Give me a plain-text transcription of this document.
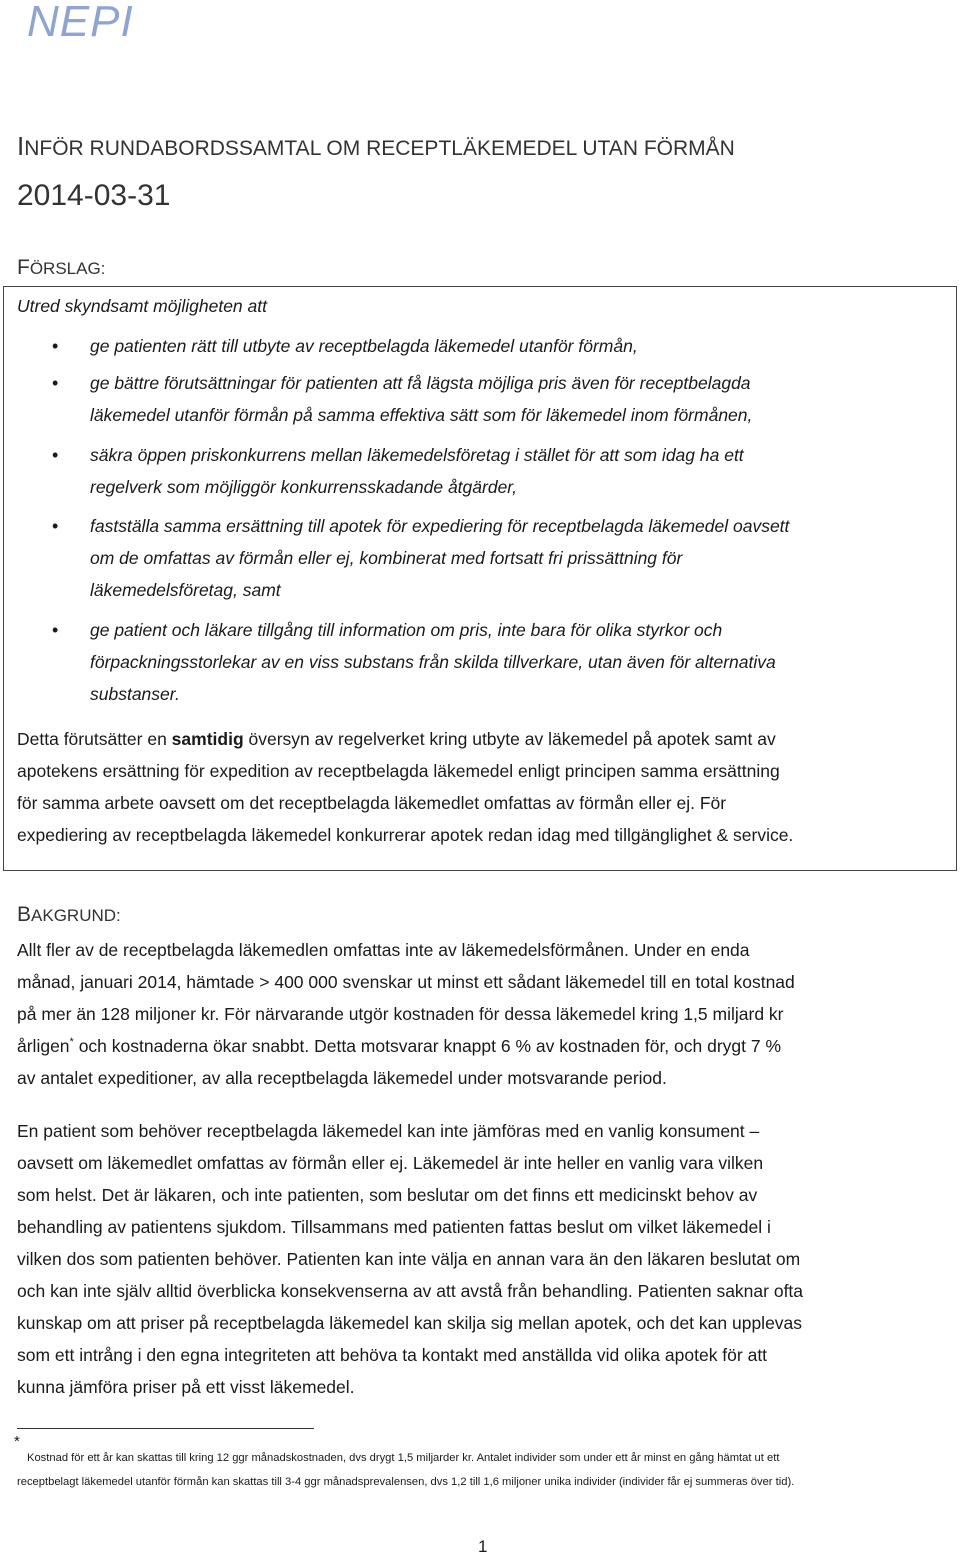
NEPI
INFÖR RUNDABORDSSAMTAL OM RECEPTLÄKEMEDEL UTAN FÖRMÅN
2014-03-31
FÖRSLAG:
Utred skyndsamt möjligheten att
• ge patienten rätt till utbyte av receptbelagda läkemedel utanför förmån,
• ge bättre förutsättningar för patienten att få lägsta möjliga pris även för receptbelagda
läkemedel utanför förmån på samma effektiva sätt som för läkemedel inom förmånen,
• säkra öppen priskonkurrens mellan läkemedelsföretag i stället för att som idag ha ett
regelverk som möjliggör konkurrensskadande åtgärder,
• fastställa samma ersättning till apotek för expediering för receptbelagda läkemedel oavsett
om de omfattas av förmån eller ej, kombinerat med fortsatt fri prissättning för
läkemedelsföretag, samt
• ge patient och läkare tillgång till information om pris, inte bara för olika styrkor och
förpackningsstorlekar av en viss substans från skilda tillverkare, utan även för alternativa
substanser.
Detta förutsätter en samtidig översyn av regelverket kring utbyte av läkemedel på apotek samt av
apotekens ersättning för expedition av receptbelagda läkemedel enligt principen samma ersättning
för samma arbete oavsett om det receptbelagda läkemedlet omfattas av förmån eller ej. För
expediering av receptbelagda läkemedel konkurrerar apotek redan idag med tillgänglighet & service.
BAKGRUND:
Allt fler av de receptbelagda läkemedlen omfattas inte av läkemedelsförmånen. Under en enda
månad, januari 2014, hämtade > 400 000 svenskar ut minst ett sådant läkemedel till en total kostnad
på mer än 128 miljoner kr. För närvarande utgör kostnaden för dessa läkemedel kring 1,5 miljard kr
årligen* och kostnaderna ökar snabbt. Detta motsvarar knappt 6 % av kostnaden för, och drygt 7 %
av antalet expeditioner, av alla receptbelagda läkemedel under motsvarande period.
En patient som behöver receptbelagda läkemedel kan inte jämföras med en vanlig konsument –
oavsett om läkemedlet omfattas av förmån eller ej. Läkemedel är inte heller en vanlig vara vilken
som helst. Det är läkaren, och inte patienten, som beslutar om det finns ett medicinskt behov av
behandling av patientens sjukdom. Tillsammans med patienten fattas beslut om vilket läkemedel i
vilken dos som patienten behöver. Patienten kan inte välja en annan vara än den läkaren beslutat om
och kan inte själv alltid överblicka konsekvenserna av att avstå från behandling. Patienten saknar ofta
kunskap om att priser på receptbelagda läkemedel kan skilja sig mellan apotek, och det kan upplevas
som ett intrång i den egna integriteten att behöva ta kontakt med anställda vid olika apotek för att
kunna jämföra priser på ett visst läkemedel.
*
Kostnad för ett år kan skattas till kring 12 ggr månadskostnaden, dvs drygt 1,5 miljarder kr. Antalet individer som under ett år minst en gång hämtat ut ett
receptbelagt läkemedel utanför förmån kan skattas till 3-4 ggr månadsprevalensen, dvs 1,2 till 1,6 miljoner unika individer (individer får ej summeras över tid).
1
